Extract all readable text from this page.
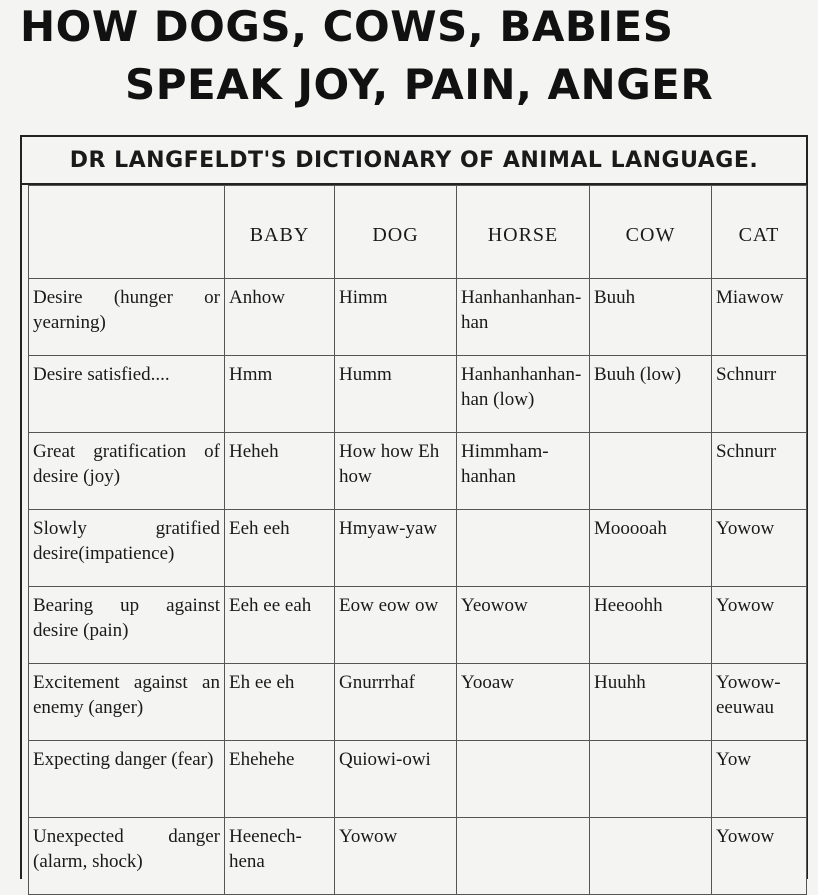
HOW DOGS, COWS, BABIES
SPEAK JOY, PAIN, ANGER
DR LANGFELDT'S DICTIONARY OF ANIMAL LANGUAGE.
	BABY	DOG	HORSE	COW	CAT
Desire (hunger or yearning)	Anhow	Himm	Hanhanhanhan-han	Buuh	Miawow
Desire satisfied....	Hmm	Humm	Hanhanhanhan-han (low)	Buuh (low)	Schnurr
Great gratification of desire (joy)	Heheh	How how Eh how	Himmham-hanhan		Schnurr
Slowly gratified desire(impatience)	Eeh eeh	Hmyaw-yaw		Mooooah	Yowow
Bearing up against desire (pain)	Eeh ee eah	Eow eow ow	Yeowow	Heeoohh	Yowow
Excitement against an enemy (anger)	Eh ee eh	Gnurrrhaf	Yooaw	Huuhh	Yowow-eeuwau
Expecting danger (fear)	Ehehehe	Quiowi-owi			Yow
Unexpected danger (alarm, shock)	Heenech-hena	Yowow			Yowow
